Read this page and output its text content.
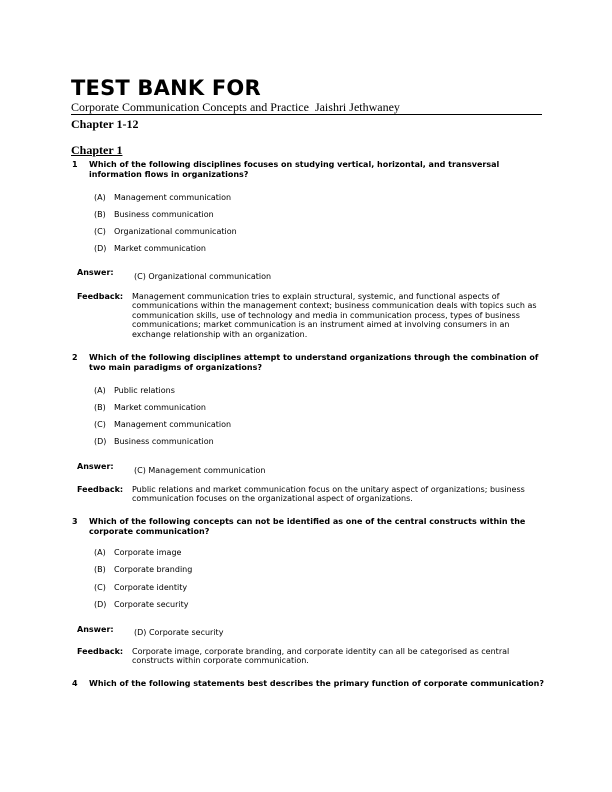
TEST BANK FOR
Corporate Communication Concepts and Practice  Jaishri Jethwaney
Chapter 1-12
Chapter 1
1 Which of the following disciplines focuses on studying vertical, horizontal, and transversal information flows in organizations?
(A) Management communication
(B) Business communication
(C) Organizational communication
(D) Market communication
Answer:	(C) Organizational communication
Feedback: Management communication tries to explain structural, systemic, and functional aspects of communications within the management context; business communication deals with topics such as communication skills, use of technology and media in communication process, types of business communications; market communication is an instrument aimed at involving consumers in an exchange relationship with an organization.
2 Which of the following disciplines attempt to understand organizations through the combination of two main paradigms of organizations?
(A) Public relations
(B) Market communication
(C) Management communication
(D) Business communication
Answer:	(C) Management communication
Feedback: Public relations and market communication focus on the unitary aspect of organizations; business communication focuses on the organizational aspect of organizations.
3 Which of the following concepts can not be identified as one of the central constructs within the corporate communication?
(A) Corporate image
(B) Corporate branding
(C) Corporate identity
(D) Corporate security
Answer:	(D) Corporate security
Feedback: Corporate image, corporate branding, and corporate identity can all be categorised as central constructs within corporate communication.
4 Which of the following statements best describes the primary function of corporate communication?
